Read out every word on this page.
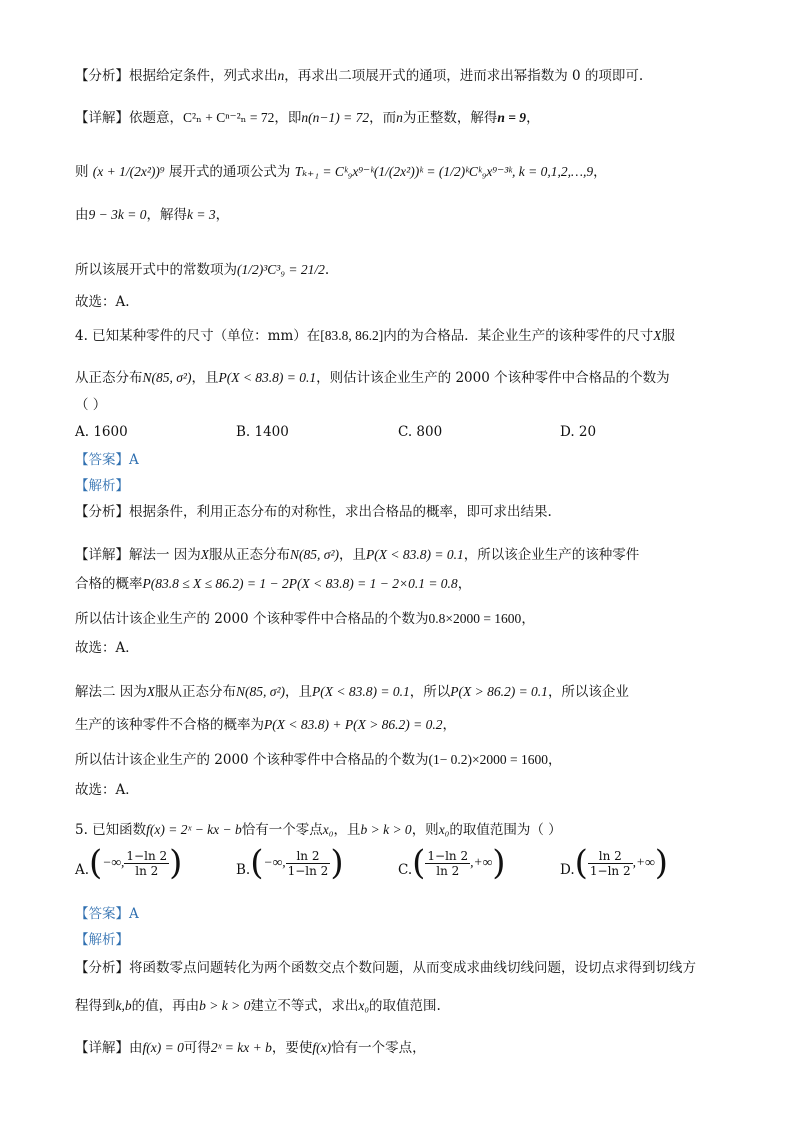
【分析】根据给定条件，列式求出n，再求出二项展开式的通项，进而求出幂指数为 0 的项即可.
【详解】依题意，C²ₙ + Cⁿ⁻²ₙ = 72，即n(n−1) = 72，而n为正整数，解得n = 9，
则 (x + 1/(2x²))⁹ 展开式的通项公式为 Tₖ₊₁ = Cᵏ₉x⁹⁻ᵏ(1/(2x²))ᵏ = (1/2)ᵏCᵏ₉x⁹⁻³ᵏ, k = 0,1,2,…,9，
由9 − 3k = 0，解得k = 3，
所以该展开式中的常数项为(1/2)³C³₉ = 21/2.
故选：A.
4. 已知某种零件的尺寸（单位：mm）在[83.8, 86.2]内的为合格品．某企业生产的该种零件的尺寸X服
从正态分布N(85, σ²)，且P(X < 83.8) = 0.1，则估计该企业生产的 2000 个该种零件中合格品的个数为
（ ）
A. 1600	B. 1400	C. 800	D. 20
【答案】A
【解析】
【分析】根据条件，利用正态分布的对称性，求出合格品的概率，即可求出结果.
【详解】解法一 因为X服从正态分布N(85, σ²)，且P(X < 83.8) = 0.1，所以该企业生产的该种零件
合格的概率P(83.8 ≤ X ≤ 86.2) = 1 − 2P(X < 83.8) = 1 − 2×0.1 = 0.8，
所以估计该企业生产的 2000 个该种零件中合格品的个数为0.8×2000 = 1600，
故选：A．
解法二 因为X服从正态分布N(85, σ²)，且P(X < 83.8) = 0.1，所以P(X > 86.2) = 0.1，所以该企业
生产的该种零件不合格的概率为P(X < 83.8) + P(X > 86.2) = 0.2，
所以估计该企业生产的 2000 个该种零件中合格品的个数为(1− 0.2)×2000 = 1600，
故选：A．
5. 已知函数f(x) = 2ˣ − kx − b恰有一个零点x₀，且b > k > 0，则x₀的取值范围为（ ）
A.(−∞, $\frac{1-\ln 2}{\ln 2}$ )	B.(−∞, $\frac{\ln 2}{1-\ln 2}$ )	$C.( \frac{1-\ln 2}{\ln 2}$ ,+∞)	$D.( \frac{\ln 2}{1-\ln 2}$ ,+∞)
【答案】A
【解析】
【分析】将函数零点问题转化为两个函数交点个数问题，从而变成求曲线切线问题，设切点求得到切线方
程得到k,b的值，再由b > k > 0建立不等式，求出x₀的取值范围.
【详解】由f(x) = 0可得2ˣ = kx + b，要使f(x)恰有一个零点，
